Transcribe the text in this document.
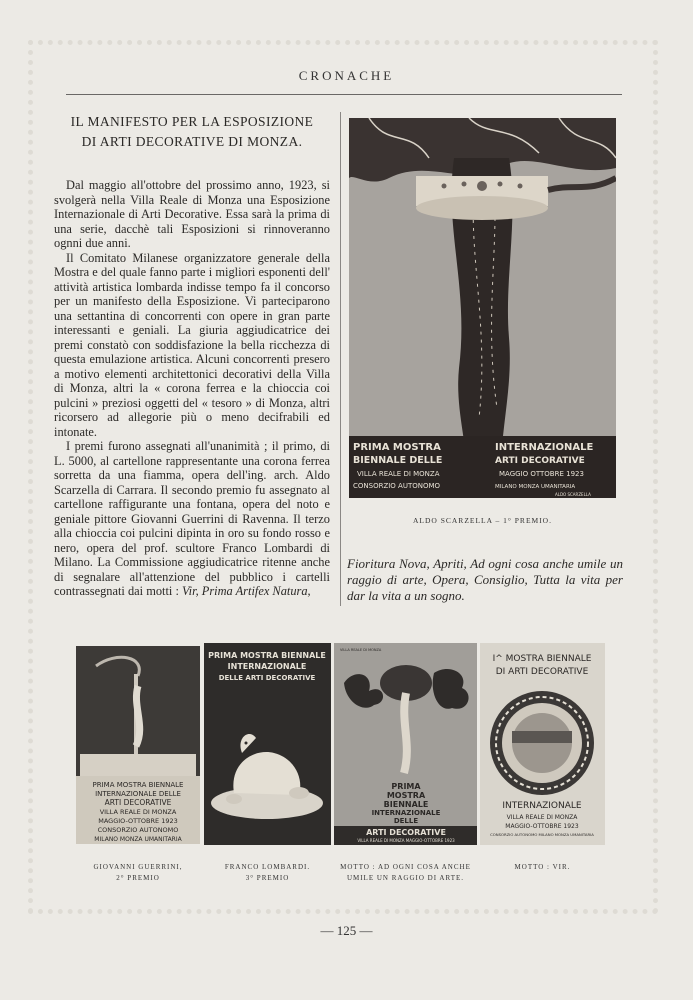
CRONACHE
IL MANIFESTO PER LA ESPOSIZIONE
DI ARTI DECORATIVE DI MONZA.

Dal maggio all'ottobre del prossimo anno, 1923, si svolgerà nella Villa Reale di Monza una Esposizione Internazionale di Arti Decorative. Essa sarà la prima di una serie, dacchè tali Esposizioni si rinnoveranno ognni due anni.

Il Comitato Milanese organizzatore generale della Mostra e del quale fanno parte i migliori esponenti dell' attività artistica lombarda indisse tempo fa il concorso per un manifesto della Esposizione. Vi parteciparono una settantina di concorrenti con opere in gran parte interessanti e geniali. La giuria aggiudicatrice dei premi constatò con soddisfazione la bella ricchezza di questa emulazione artistica. Alcuni concorrenti presero a motivo elementi architettonici decorativi della Villa di Monza, altri la « corona ferrea e la chioccia coi pulcini » preziosi oggetti del « tesoro » di Monza, altri ricorsero ad allegorie più o meno decifrabili ed intonate.

I premi furono assegnati all'unanimità ; il primo, di L. 5000, al cartellone rappresentante una corona ferrea sorretta da una fiamma, opera dell'ing. arch. Aldo Scarzella di Carrara. Il secondo premio fu assegnato al cartellone raffigurante una fontana, opera del noto e geniale pittore Giovanni Guerrini di Ravenna. Il terzo alla chioccia coi pulcini dipinta in oro su fondo rosso e nero, opera del prof. scultore Franco Lombardi di Milano. La Commissione aggiudicatrice ritenne anche di segnalare all'attenzione del pubblico i cartelli contrassegnati dai motti : Vir, Prima Artifex Natura,

PRIMA MOSTRA	INTERNAZIONALE
BIENNALE DELLE	ARTI DECORATIVE
VILLA REALE DI MONZA	MAGGIO OTTOBRE 1923
CONSORZIO AUTONOMO	MILANO MONZA UMANITARIA
ALDO SCARZELLA
ALDO SCARZELLA – 1° PREMIO.

Fioritura Nova, Apriti, Ad ogni cosa anche umile un raggio di arte, Opera, Consiglio, Tutta la vita per dar la vita a un sogno.

PRIMA MOSTRA BIENNALE
INTERNAZIONALE DELLE
ARTI DECORATIVE
VILLA REALE DI MONZA
MAGGIO-OTTOBRE 1923
CONSORZIO AUTONOMO
MILANO MONZA UMANITARIA
PRIMA MOSTRA BIENNALE
INTERNAZIONALE
DELLE ARTI DECORATIVE
VILLA REALE DI MONZA
PRIMA
MOSTRA
BIENNALE
INTERNAZIONALE
DELLE
ARTI DECORATIVE
VILLA REALE DI MONZA MAGGIO-OTTOBRE 1923
I^ MOSTRA BIENNALE
DI ARTI DECORATIVE
INTERNAZIONALE
VILLA REALE DI MONZA
MAGGIO-OTTOBRE 1923
CONSORZIO AUTONOMO MILANO MONZA UMANITARIA
GIOVANNI GUERRINI,
2° PREMIO
FRANCO LOMBARDI.
3° PREMIO
MOTTO : AD OGNI COSA ANCHE
UMILE UN RAGGIO DI ARTE.
MOTTO : VIR.
— 125 —
